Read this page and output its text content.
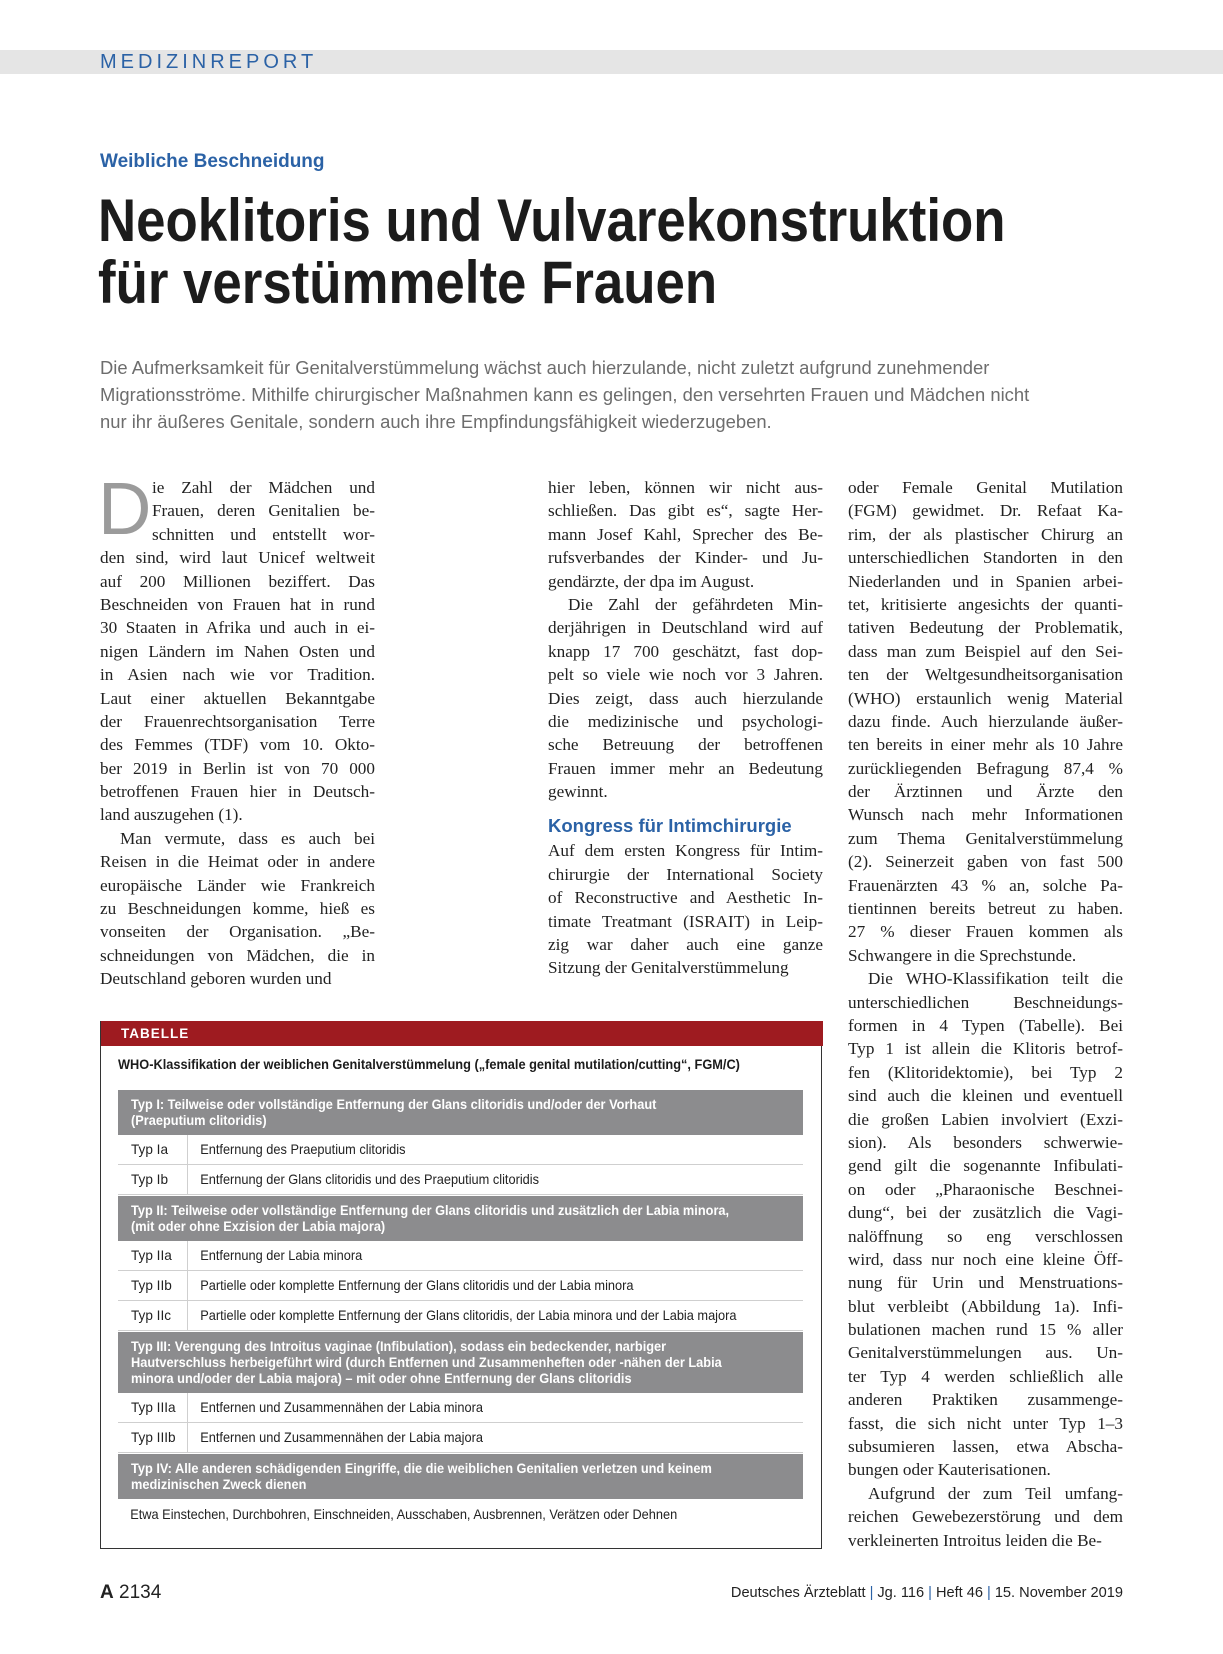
MEDIZINREPORT
Weibliche Beschneidung
Neoklitoris und Vulvarekonstruktion
für verstümmelte Frauen

Die Aufmerksamkeit für Genitalverstümmelung wächst auch hierzulande, nicht zuletzt aufgrund zunehmender
Migrationsströme. Mithilfe chirurgischer Maßnahmen kann es gelingen, den versehrten Frauen und Mädchen nicht
nur ihr äußeres Genitale, sondern auch ihre Empfindungsfähigkeit wiederzugeben.

D ie Zahl der Mädchen und
Frauen, deren Genitalien be-
schnitten und entstellt wor-
den sind, wird laut Unicef weltweit
auf 200 Millionen beziffert. Das
Beschneiden von Frauen hat in rund
30 Staaten in Afrika und auch in ei-
nigen Ländern im Nahen Osten und
in Asien nach wie vor Tradition.
Laut einer aktuellen Bekanntgabe
der Frauenrechtsorganisation Terre
des Femmes (TDF) vom 10. Okto-
ber 2019 in Berlin ist von 70 000
betroffenen Frauen hier in Deutsch-
land auszugehen (1).
Man vermute, dass es auch bei
Reisen in die Heimat oder in andere
europäische Länder wie Frankreich
zu Beschneidungen komme, hieß es
vonseiten der Organisation. „Be-
schneidungen von Mädchen, die in
Deutschland geboren wurden und
hier leben, können wir nicht aus-
schließen. Das gibt es“, sagte Her-
mann Josef Kahl, Sprecher des Be-
rufsverbandes der Kinder- und Ju-
gendärzte, der dpa im August.
Die Zahl der gefährdeten Min-
derjährigen in Deutschland wird auf
knapp 17 700 geschätzt, fast dop-
pelt so viele wie noch vor 3 Jahren.
Dies zeigt, dass auch hierzulande
die medizinische und psychologi-
sche Betreuung der betroffenen
Frauen immer mehr an Bedeutung
gewinnt.
Kongress für Intimchirurgie
Auf dem ersten Kongress für Intim-
chirurgie der International Society
of Reconstructive and Aesthetic In-
timate Treatmant (ISRAIT) in Leip-
zig war daher auch eine ganze
Sitzung der Genitalverstümmelung
oder Female Genital Mutilation
(FGM) gewidmet. Dr. Refaat Ka-
rim, der als plastischer Chirurg an
unterschiedlichen Standorten in den
Niederlanden und in Spanien arbei-
tet, kritisierte angesichts der quanti-
tativen Bedeutung der Problematik,
dass man zum Beispiel auf den Sei-
ten der Weltgesundheitsorganisation
(WHO) erstaunlich wenig Material
dazu finde. Auch hierzulande äußer-
ten bereits in einer mehr als 10 Jahre
zurückliegenden Befragung 87,4 %
der Ärztinnen und Ärzte den
Wunsch nach mehr Informationen
zum Thema Genitalverstümmelung
(2). Seinerzeit gaben von fast 500
Frauenärzten 43 % an, solche Pa-
tientinnen bereits betreut zu haben.
27 % dieser Frauen kommen als
Schwangere in die Sprechstunde.
Die WHO-Klassifikation teilt die
unterschiedlichen Beschneidungs-
formen in 4 Typen (Tabelle). Bei
Typ 1 ist allein die Klitoris betrof-
fen (Klitoridektomie), bei Typ 2
sind auch die kleinen und eventuell
die großen Labien involviert (Exzi-
sion). Als besonders schwerwie-
gend gilt die sogenannte Infibulati-
on oder „Pharaonische Beschnei-
dung“, bei der zusätzlich die Vagi-
nalöffnung so eng verschlossen
wird, dass nur noch eine kleine Öff-
nung für Urin und Menstruations-
blut verbleibt (Abbildung 1a). Infi-
bulationen machen rund 15 % aller
Genitalverstümmelungen aus. Un-
ter Typ 4 werden schließlich alle
anderen Praktiken zusammenge-
fasst, die sich nicht unter Typ 1–3
subsumieren lassen, etwa Abscha-
bungen oder Kauterisationen.
Aufgrund der zum Teil umfang-
reichen Gewebezerstörung und dem
verkleinerten Introitus leiden die Be-
TABELLE
WHO-Klassifikation der weiblichen Genitalverstümmelung („female genital mutilation/cutting“, FGM/C)
Typ I: Teilweise oder vollständige Entfernung der Glans clitoridis und/oder der Vorhaut
(Praeputium clitoridis)
Typ Ia	Entfernung des Praeputium clitoridis
Typ Ib	Entfernung der Glans clitoridis und des Praeputium clitoridis
Typ II: Teilweise oder vollständige Entfernung der Glans clitoridis und zusätzlich der Labia minora,
(mit oder ohne Exzision der Labia majora)
Typ IIa	Entfernung der Labia minora
Typ IIb	Partielle oder komplette Entfernung der Glans clitoridis und der Labia minora
Typ IIc	Partielle oder komplette Entfernung der Glans clitoridis, der Labia minora und der Labia majora
Typ III: Verengung des Introitus vaginae (Infibulation), sodass ein bedeckender, narbiger
Hautverschluss herbeigeführt wird (durch Entfernen und Zusammenheften oder -nähen der Labia
minora und/oder der Labia majora) – mit oder ohne Entfernung der Glans clitoridis
Typ IIIa	Entfernen und Zusammennähen der Labia minora
Typ IIIb	Entfernen und Zusammennähen der Labia majora
Typ IV: Alle anderen schädigenden Eingriffe, die die weiblichen Genitalien verletzen und keinem
medizinischen Zweck dienen
Etwa Einstechen, Durchbohren, Einschneiden, Ausschaben, Ausbrennen, Verätzen oder Dehnen
A 2134	Deutsches Ärzteblatt | Jg. 116 | Heft 46 | 15. November 2019
